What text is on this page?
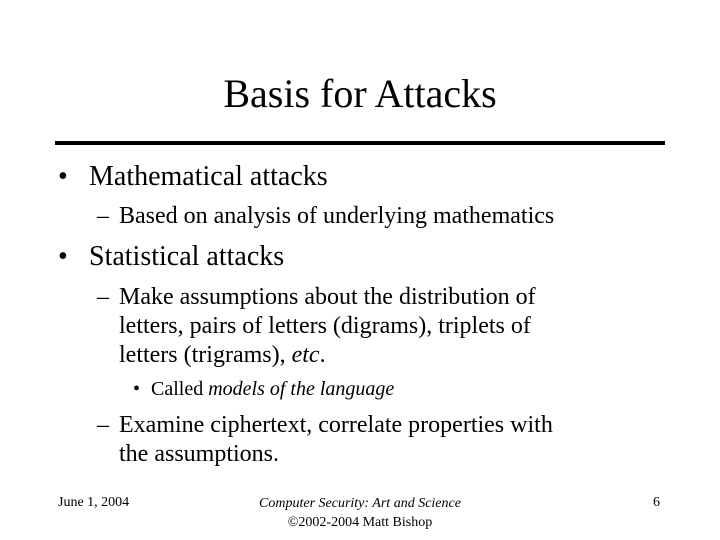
Basis for Attacks
• Mathematical attacks
– Based on analysis of underlying mathematics
• Statistical attacks
– Make assumptions about the distribution of
letters, pairs of letters (digrams), triplets of
letters (trigrams), etc.
• Called models of the language
– Examine ciphertext, correlate properties with
the assumptions.
June 1, 2004	Computer Security: Art and Science
©2002-2004 Matt Bishop
6
